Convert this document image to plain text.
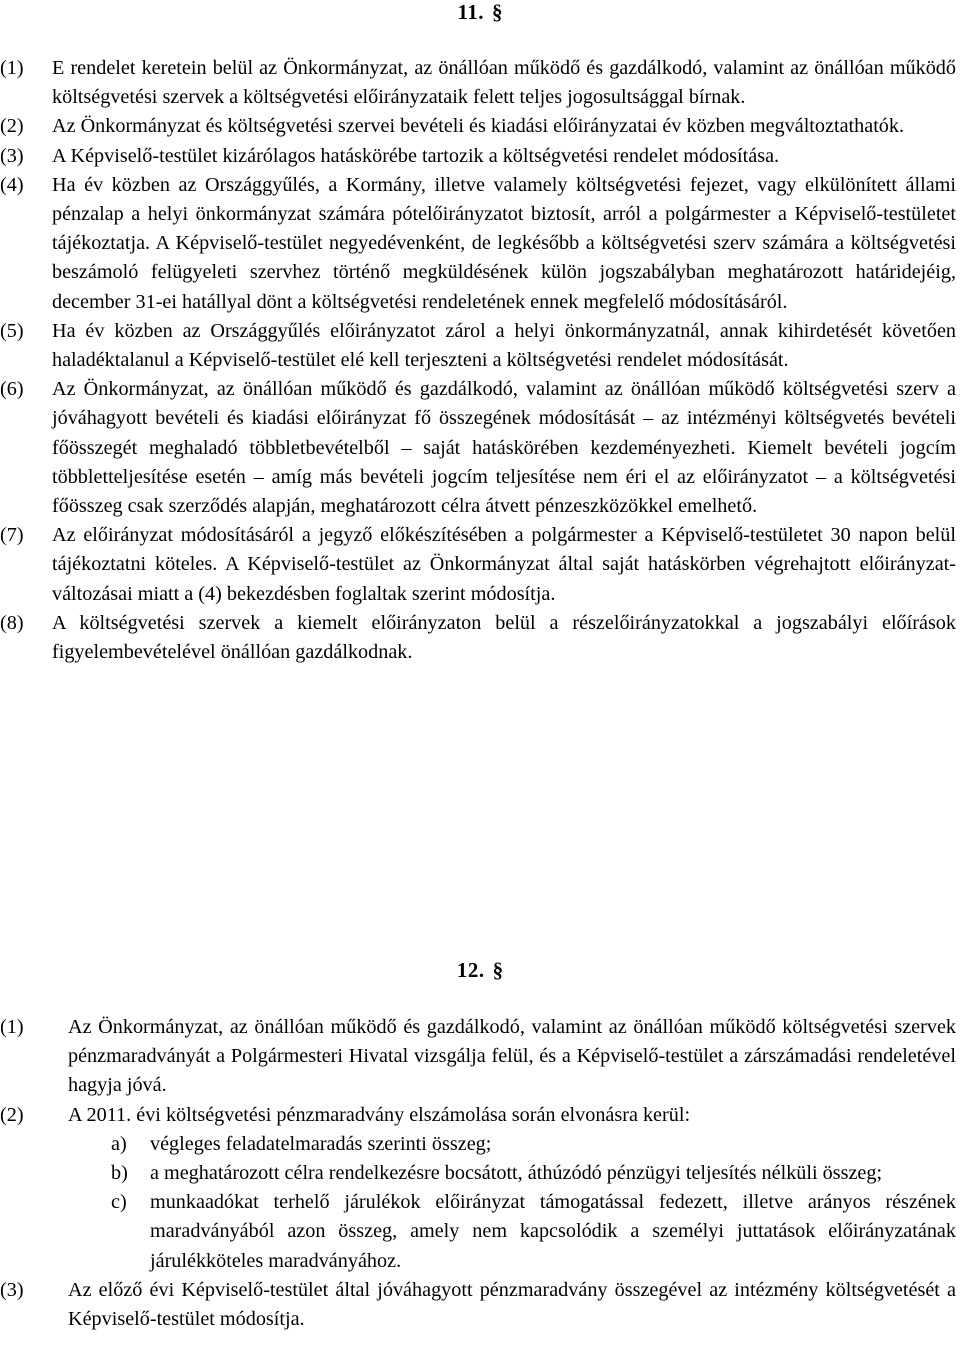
11. §

(1) E rendelet keretein belül az Önkormányzat, az önállóan működő és gazdálkodó, valamint az önállóan működő költségvetési szervek a költségvetési előirányzataik felett teljes jogosultsággal bírnak.

(2) Az Önkormányzat és költségvetési szervei bevételi és kiadási előirányzatai év közben megváltoztathatók.

(3) A Képviselő-testület kizárólagos hatáskörébe tartozik a költségvetési rendelet módosítása.

(4) Ha év közben az Országgyűlés, a Kormány, illetve valamely költségvetési fejezet, vagy elkülönített állami pénzalap a helyi önkormányzat számára pótelőirányzatot biztosít, arról a polgármester a Képviselő-testületet tájékoztatja. A Képviselő-testület negyedévenként, de legkésőbb a költségvetési szerv számára a költségvetési beszámoló felügyeleti szervhez történő megküldésének külön jogszabályban meghatározott határidejéig, december 31-ei hatállyal dönt a költségvetési rendeletének ennek megfelelő módosításáról.

(5) Ha év közben az Országgyűlés előirányzatot zárol a helyi önkormányzatnál, annak kihirdetését követően haladéktalanul a Képviselő-testület elé kell terjeszteni a költségvetési rendelet módosítását.

(6) Az Önkormányzat, az önállóan működő és gazdálkodó, valamint az önállóan működő költségvetési szerv a jóváhagyott bevételi és kiadási előirányzat fő összegének módosítását – az intézményi költségvetés bevételi főösszegét meghaladó többletbevételből – saját hatáskörében kezdeményezheti. Kiemelt bevételi jogcím többletteljesítése esetén – amíg más bevételi jogcím teljesítése nem éri el az előirányzatot – a költségvetési főösszeg csak szerződés alapján, meghatározott célra átvett pénzeszközökkel emelhető.

(7) Az előirányzat módosításáról a jegyző előkészítésében a polgármester a Képviselő-testületet 30 napon belül tájékoztatni köteles. A Képviselő-testület az Önkormányzat által saját hatáskörben végrehajtott előirányzat-változásai miatt a (4) bekezdésben foglaltak szerint módosítja.

(8) A költségvetési szervek a kiemelt előirányzaton belül a részelőirányzatokkal a jogszabályi előírások figyelembevételével önállóan gazdálkodnak.

12. §

(1) Az Önkormányzat, az önállóan működő és gazdálkodó, valamint az önállóan működő költségvetési szervek pénzmaradványát a Polgármesteri Hivatal vizsgálja felül, és a Képviselő-testület a zárszámadási rendeletével hagyja jóvá.

(2) A 2011. évi költségvetési pénzmaradvány elszámolása során elvonásra kerül:

a) végleges feladatelmaradás szerinti összeg;

b) a meghatározott célra rendelkezésre bocsátott, áthúzódó pénzügyi teljesítés nélküli összeg;

c) munkaadókat terhelő járulékok előirányzat támogatással fedezett, illetve arányos részének maradványából azon összeg, amely nem kapcsolódik a személyi juttatások előirányzatának járulékköteles maradványához.

(3) Az előző évi Képviselő-testület által jóváhagyott pénzmaradvány összegével az intézmény költségvetését a Képviselő-testület módosítja.
